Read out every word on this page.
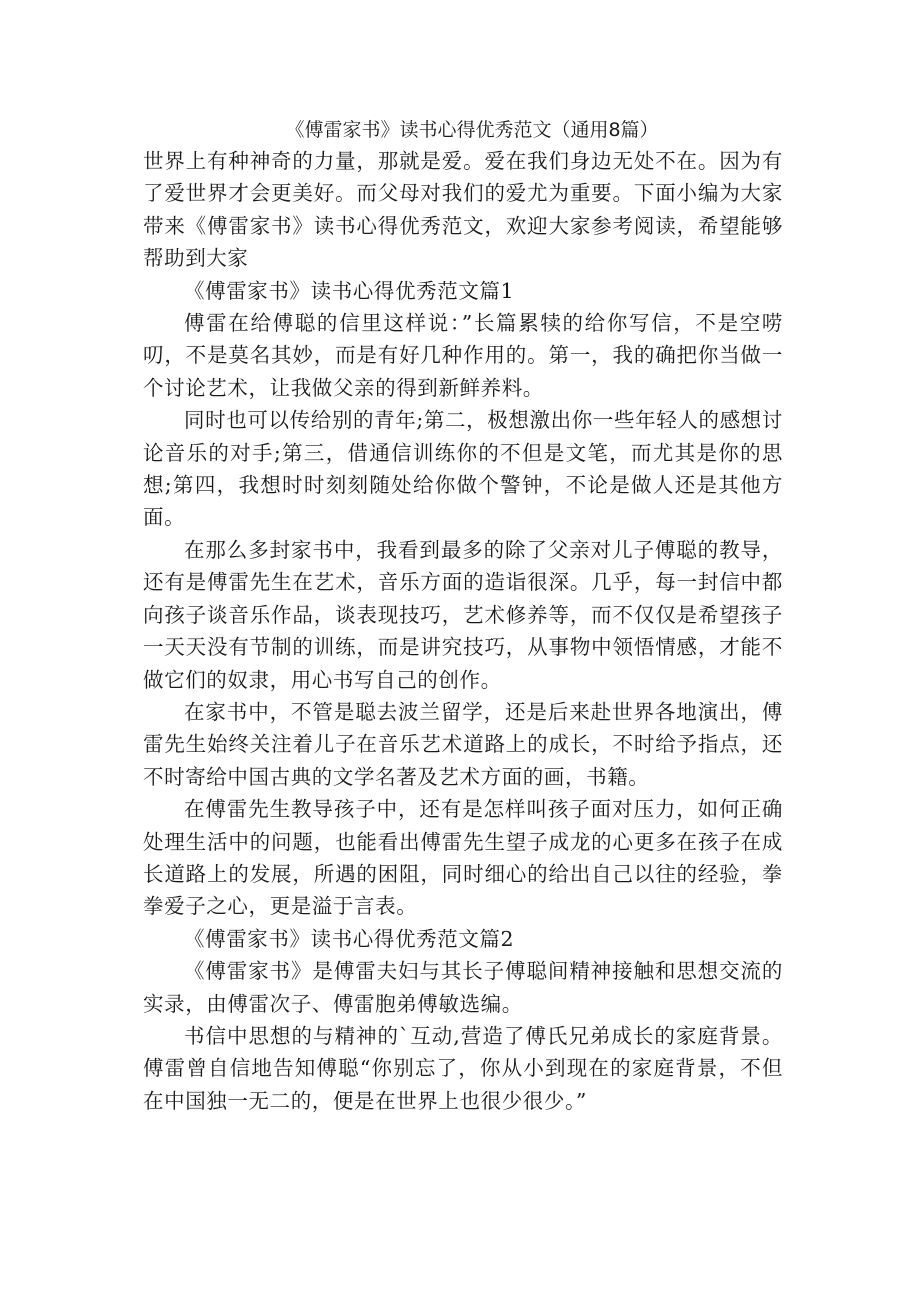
《傅雷家书》读书心得优秀范文（通用8篇）

世界上有种神奇的力量，那就是爱。爱在我们身边无处不在。因为有了爱世界才会更美好。而父母对我们的爱尤为重要。下面小编为大家带来《傅雷家书》读书心得优秀范文，欢迎大家参考阅读，希望能够帮助到大家

《傅雷家书》读书心得优秀范文篇1

傅雷在给傅聪的信里这样说：”长篇累犊的给你写信，不是空唠叨，不是莫名其妙，而是有好几种作用的。第一，我的确把你当做一个讨论艺术，让我做父亲的得到新鲜养料。

同时也可以传给别的青年;第二，极想激出你一些年轻人的感想讨论音乐的对手;第三，借通信训练你的不但是文笔，而尤其是你的思想;第四，我想时时刻刻随处给你做个警钟，不论是做人还是其他方面。

在那么多封家书中，我看到最多的除了父亲对儿子傅聪的教导，还有是傅雷先生在艺术，音乐方面的造诣很深。几乎，每一封信中都向孩子谈音乐作品，谈表现技巧，艺术修养等，而不仅仅是希望孩子一天天没有节制的训练，而是讲究技巧，从事物中领悟情感，才能不做它们的奴隶，用心书写自己的创作。

在家书中，不管是聪去波兰留学，还是后来赴世界各地演出，傅雷先生始终关注着儿子在音乐艺术道路上的成长，不时给予指点，还不时寄给中国古典的文学名著及艺术方面的画，书籍。

在傅雷先生教导孩子中，还有是怎样叫孩子面对压力，如何正确处理生活中的问题，也能看出傅雷先生望子成龙的心更多在孩子在成长道路上的发展，所遇的困阻，同时细心的给出自己以往的经验，拳拳爱子之心，更是溢于言表。

《傅雷家书》读书心得优秀范文篇2

《傅雷家书》是傅雷夫妇与其长子傅聪间精神接触和思想交流的实录，由傅雷次子、傅雷胞弟傅敏选编。

书信中思想的与精神的`互动,营造了傅氏兄弟成长的家庭背景。傅雷曾自信地告知傅聪“你别忘了，你从小到现在的家庭背景，不但在中国独一无二的，便是在世界上也很少很少。”
